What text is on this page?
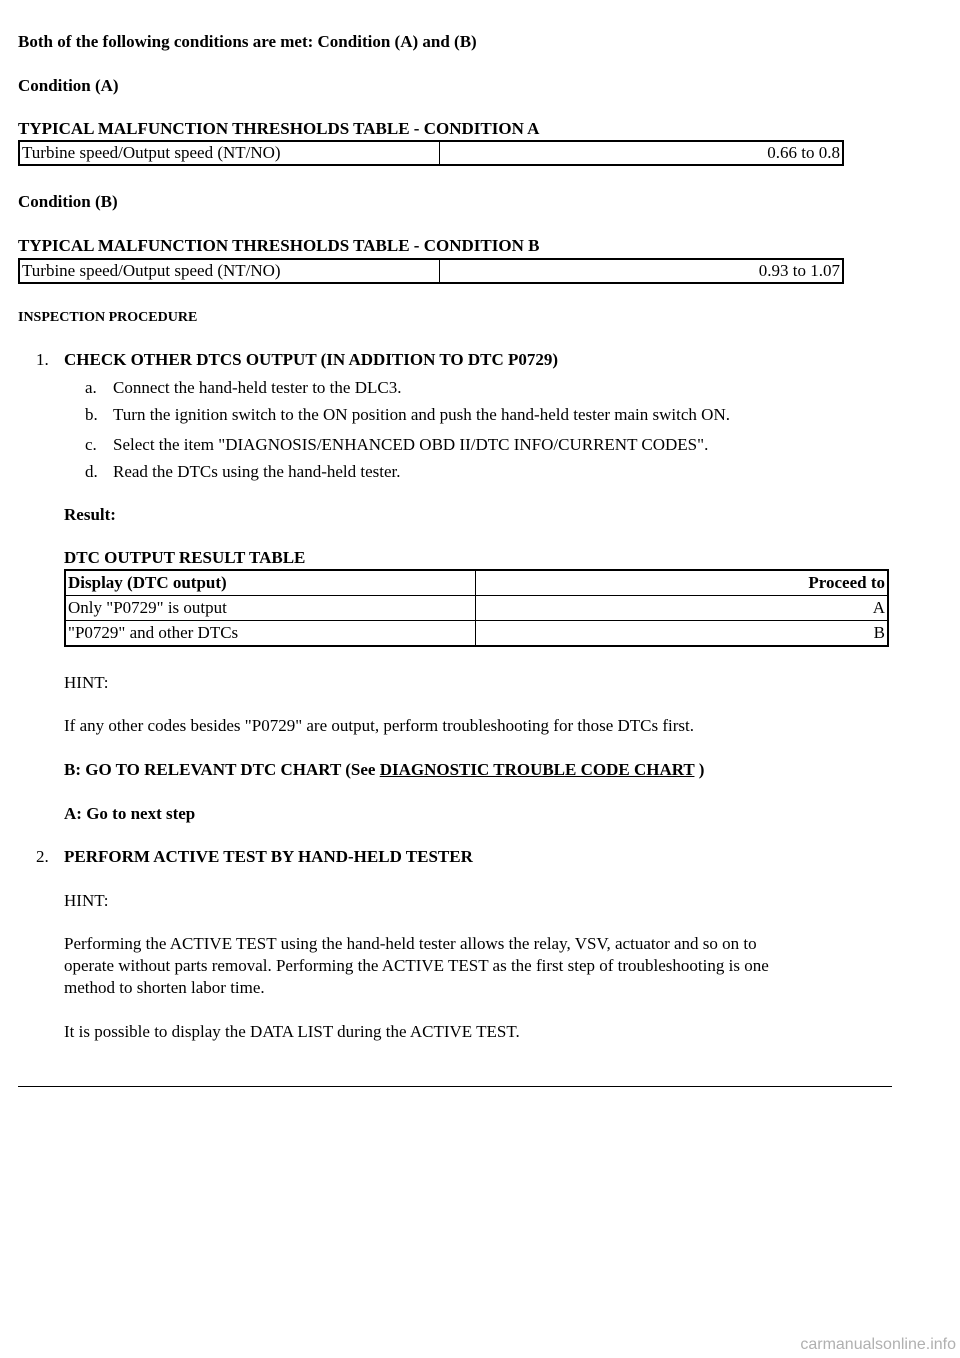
Both of the following conditions are met: Condition (A) and (B)
Condition (A)
TYPICAL MALFUNCTION THRESHOLDS TABLE - CONDITION A
Turbine speed/Output speed (NT/NO)	0.66 to 0.8
Condition (B)
TYPICAL MALFUNCTION THRESHOLDS TABLE - CONDITION B
Turbine speed/Output speed (NT/NO)	0.93 to 1.07
INSPECTION PROCEDURE
1. CHECK OTHER DTCS OUTPUT (IN ADDITION TO DTC P0729)
a. Connect the hand-held tester to the DLC3.
b. Turn the ignition switch to the ON position and push the hand-held tester main switch ON.
c. Select the item "DIAGNOSIS/ENHANCED OBD II/DTC INFO/CURRENT CODES".
d. Read the DTCs using the hand-held tester.
Result:
DTC OUTPUT RESULT TABLE
Display (DTC output)	Proceed to
Only "P0729" is output	A
"P0729" and other DTCs	B
HINT:
If any other codes besides "P0729" are output, perform troubleshooting for those DTCs first.
B: GO TO RELEVANT DTC CHART (See DIAGNOSTIC TROUBLE CODE CHART )
A: Go to next step
2. PERFORM ACTIVE TEST BY HAND-HELD TESTER
HINT:
Performing the ACTIVE TEST using the hand-held tester allows the relay, VSV, actuator and so on to
operate without parts removal. Performing the ACTIVE TEST as the first step of troubleshooting is one
method to shorten labor time.
It is possible to display the DATA LIST during the ACTIVE TEST.
carmanualsonline.info
